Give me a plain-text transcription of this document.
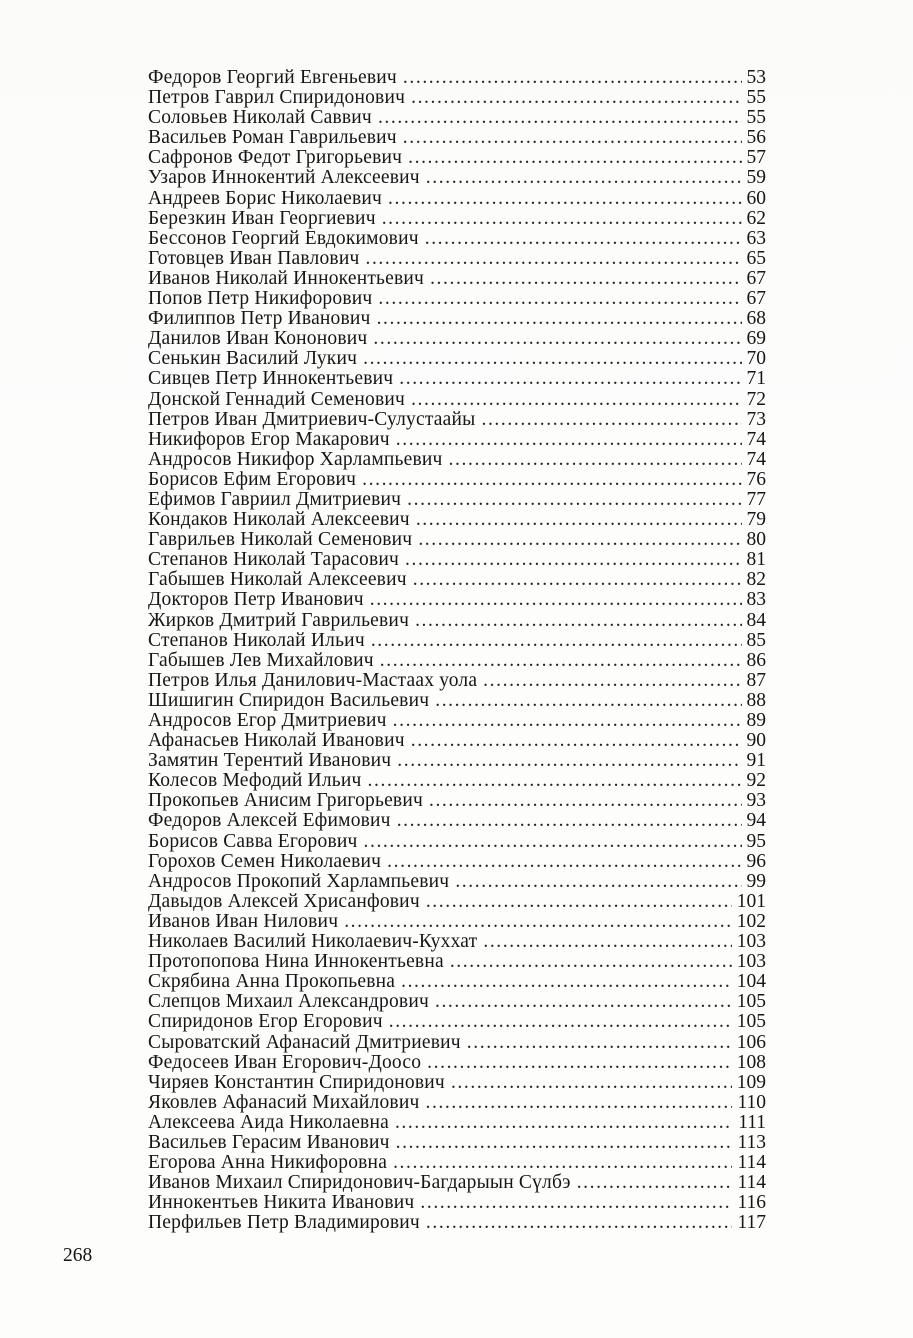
Федоров Георгий Евгеньевич .....	53
Петров Гаврил Спиридонович .....	55
Соловьев Николай Саввич .....	55
Васильев Роман Гаврильевич .....	56
Сафронов Федот Григорьевич .....	57
Узаров Иннокентий Алексеевич .....	59
Андреев Борис Николаевич .....	60
Березкин Иван Георгиевич .....	62
Бессонов Георгий Евдокимович .....	63
Готовцев Иван Павлович .....	65
Иванов Николай Иннокентьевич .....	67
Попов Петр Никифорович .....	67
Филиппов Петр Иванович .....	68
Данилов Иван Кононович .....	69
Сенькин Василий Лукич .....	70
Сивцев Петр Иннокентьевич .....	71
Донской Геннадий Семенович .....	72
Петров Иван Дмитриевич-Сулустаайы .....	73
Никифоров Егор Макарович .....	74
Андросов Никифор Харлампьевич .....	74
Борисов Ефим Егорович .....	76
Ефимов Гавриил Дмитриевич .....	77
Кондаков Николай Алексеевич .....	79
Гаврильев Николай Семенович .....	80
Степанов Николай Тарасович .....	81
Габышев Николай Алексеевич .....	82
Докторов Петр Иванович .....	83
Жирков Дмитрий Гаврильевич .....	84
Степанов Николай Ильич .....	85
Габышев Лев Михайлович .....	86
Петров Илья Данилович-Мастаах уола .....	87
Шишигин Спиридон Васильевич .....	88
Андросов Егор Дмитриевич .....	89
Афанасьев Николай Иванович .....	90
Замятин Терентий Иванович .....	91
Колесов Мефодий Ильич .....	92
Прокопьев Анисим Григорьевич .....	93
Федоров Алексей Ефимович .....	94
Борисов Савва Егорович .....	95
Горохов Семен Николаевич .....	96
Андросов Прокопий Харлампьевич .....	99
Давыдов Алексей Хрисанфович .....	101
Иванов Иван Нилович .....	102
Николаев Василий Николаевич-Куххат .....	103
Протопопова Нина Иннокентьевна .....	103
Скрябина Анна Прокопьевна .....	104
Слепцов Михаил Александрович .....	105
Спиридонов Егор Егорович .....	105
Сыроватский Афанасий Дмитриевич .....	106
Федосеев Иван Егорович-Доосо .....	108
Чиряев Константин Спиридонович .....	109
Яковлев Афанасий Михайлович .....	110
Алексеева Аида Николаевна .....	111
Васильев Герасим Иванович .....	113
Егорова Анна Никифоровна .....	114
Иванов Михаил Спиридонович-Багдарыын Сүлбэ .....	114
Иннокентьев Никита Иванович .....	116
Перфильев Петр Владимирович .....	117
268
